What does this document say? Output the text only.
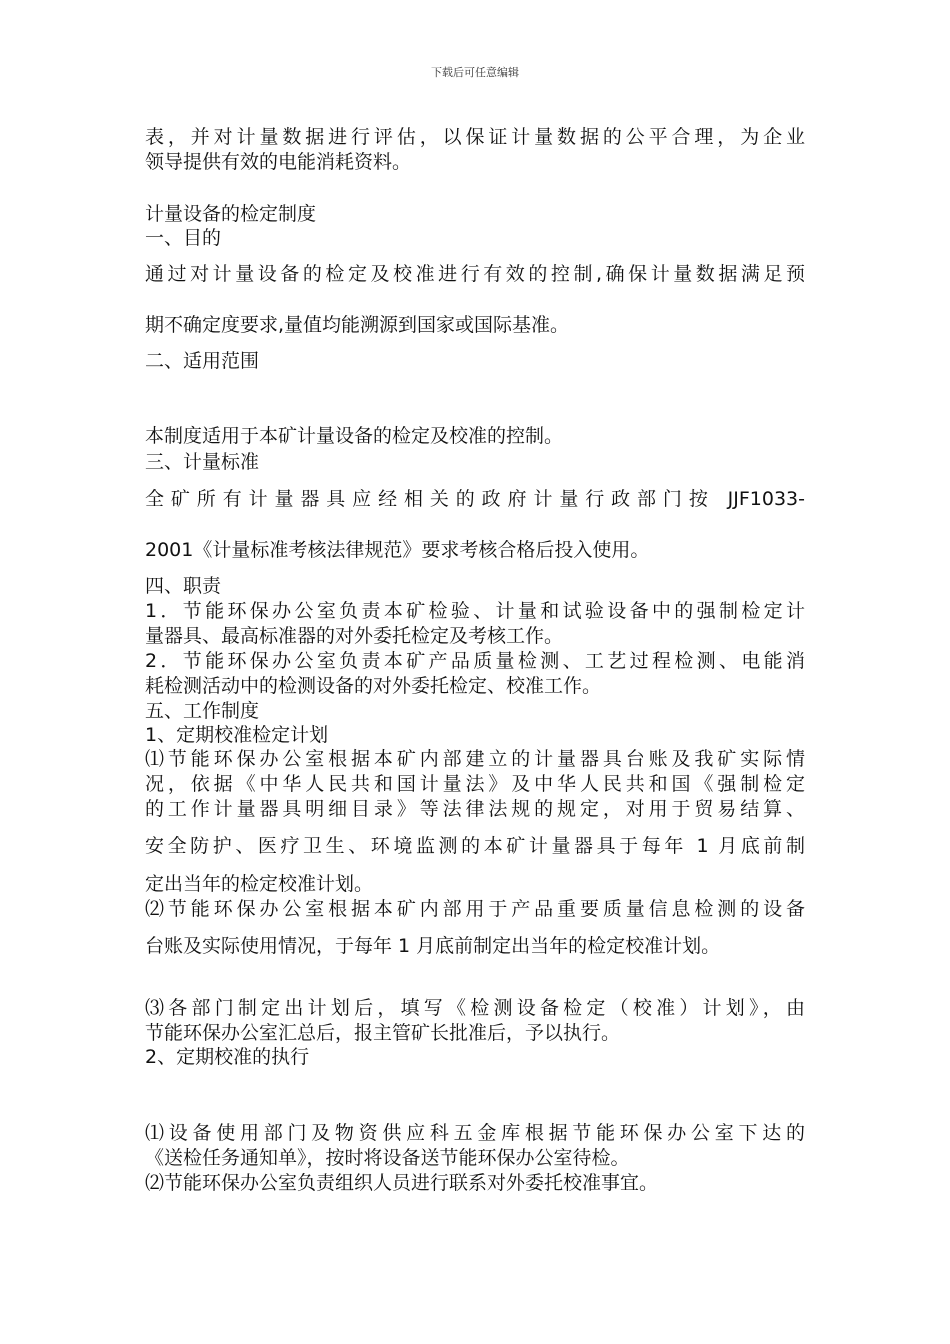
下载后可任意编辑
表，并对计量数据进行评估，以保证计量数据的公平合理，为企业
领导提供有效的电能消耗资料。
计量设备的检定制度
一、目的
通过对计量设备的检定及校准进行有效的控制,确保计量数据满足预
期不确定度要求,量值均能溯源到国家或国际基准。
二、适用范围
本制度适用于本矿计量设备的检定及校准的控制。
三、计量标准
全矿所有计量器具应经相关的政府计量行政部门按 JJF1033-
2001《计量标准考核法律规范》要求考核合格后投入使用。
四、职责
1．节能环保办公室负责本矿检验、计量和试验设备中的强制检定计
量器具、最高标准器的对外委托检定及考核工作。
2．节能环保办公室负责本矿产品质量检测、工艺过程检测、电能消
耗检测活动中的检测设备的对外委托检定、校准工作。
五、工作制度
1、定期校准检定计划
⑴节能环保办公室根据本矿内部建立的计量器具台账及我矿实际情
况，依据《中华人民共和国计量法》及中华人民共和国《强制检定
的工作计量器具明细目录》等法律法规的规定，对用于贸易结算、
安全防护、医疗卫生、环境监测的本矿计量器具于每年 1 月底前制
定出当年的检定校准计划。
⑵节能环保办公室根据本矿内部用于产品重要质量信息检测的设备
台账及实际使用情况，于每年 1 月底前制定出当年的检定校准计划。
⑶各部门制定出计划后，填写《检测设备检定（校准）计划》，由
节能环保办公室汇总后，报主管矿长批准后，予以执行。
2、定期校准的执行
⑴设备使用部门及物资供应科五金库根据节能环保办公室下达的
《送检任务通知单》，按时将设备送节能环保办公室待检。
⑵节能环保办公室负责组织人员进行联系对外委托校准事宜。
